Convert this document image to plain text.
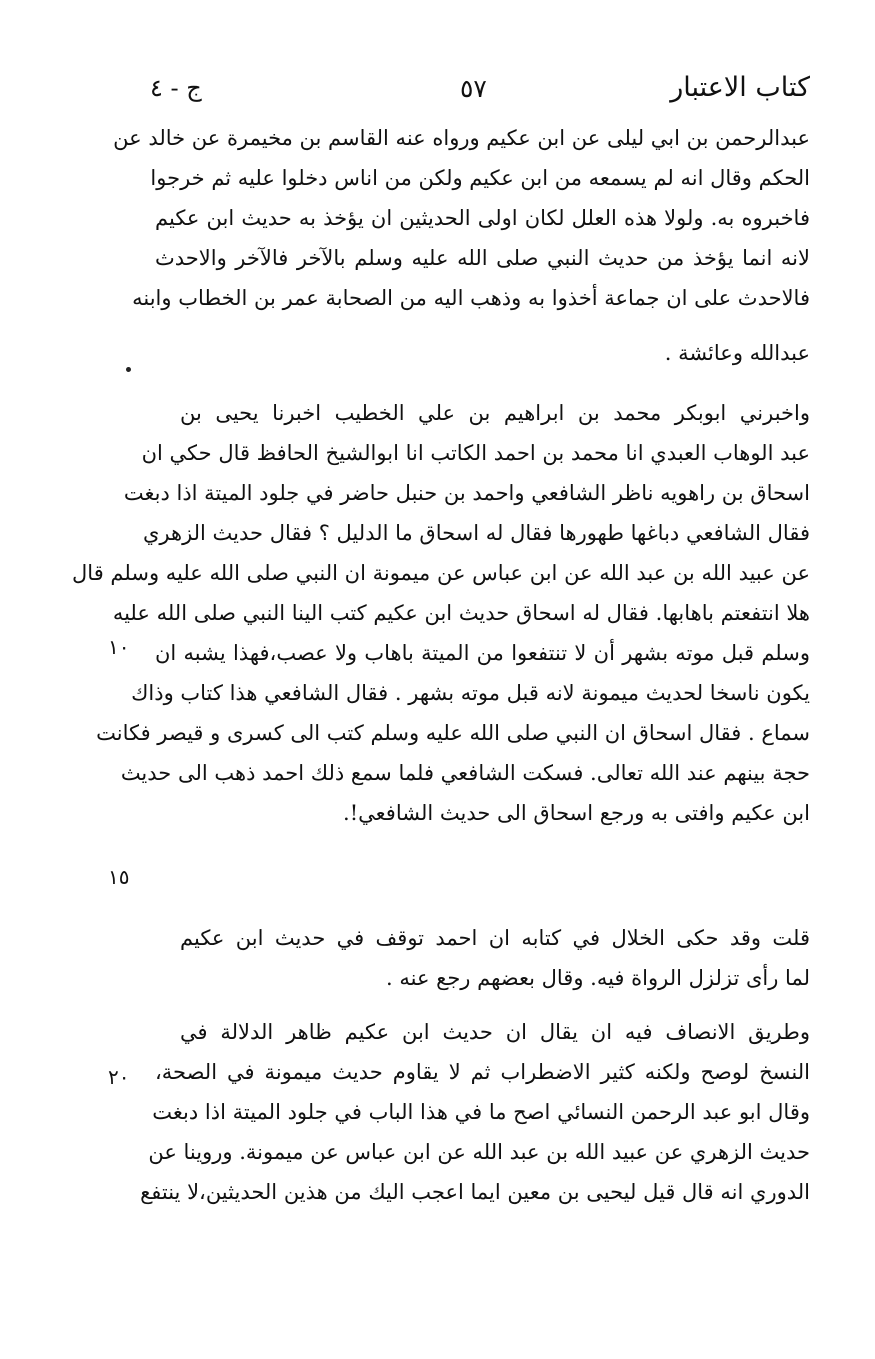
كتاب الاعتبار
٥٧
ج - ٤
عبدالرحمن بن ابي ليلى عن ابن عكيم ورواه عنه القاسم بن مخيمرة عن خالد عن
الحكم وقال انه لم يسمعه من ابن عكيم ولكن من اناس دخلوا عليه ثم خرجوا
فاخبروه به. ولولا هذه العلل لكان اولى الحديثين ان يؤخذ به حديث ابن عكيم
لانه انما يؤخذ من حديث النبي صلى الله عليه وسلم بالآخر فالآخر والاحدث
فالاحدث على ان جماعة أخذوا به وذهب اليه من الصحابة عمر بن الخطاب وابنه
عبدالله وعائشة .
واخبرني ابوبكر محمد بن ابراهيم بن علي الخطيب اخبرنا يحيى بن
عبد الوهاب العبدي انا محمد بن احمد الكاتب انا ابوالشيخ الحافظ قال حكي ان
اسحاق بن راهويه ناظر الشافعي واحمد بن حنبل حاضر في جلود الميتة اذا دبغت
فقال الشافعي دباغها طهورها فقال له اسحاق ما الدليل ؟ فقال حديث الزهري
عن عبيد الله بن عبد الله عن ابن عباس عن ميمونة ان النبي صلى الله عليه وسلم قال
هلا انتفعتم باهابها. فقال له اسحاق حديث ابن عكيم كتب الينا النبي صلى الله عليه
وسلم قبل موته بشهر أن لا تنتفعوا من الميتة باهاب ولا عصب،فهذا يشبه ان
يكون ناسخا لحديث ميمونة لانه قبل موته بشهر . فقال الشافعي هذا كتاب وذاك
سماع . فقال اسحاق ان النبي صلى الله عليه وسلم كتب الى كسرى و قيصر فكانت
حجة بينهم عند الله تعالى. فسكت الشافعي فلما سمع ذلك احمد ذهب الى حديث
ابن عكيم وافتى به ورجع اسحاق الى حديث الشافعي!.
١٠
١٥
قلت وقد حكى الخلال في كتابه ان احمد توقف في حديث ابن عكيم
لما رأى تزلزل الرواة فيه. وقال بعضهم رجع عنه .
وطريق الانصاف فيه ان يقال ان حديث ابن عكيم ظاهر الدلالة في
النسخ لوصح ولكنه كثير الاضطراب ثم لا يقاوم حديث ميمونة في الصحة،
وقال ابو عبد الرحمن النسائي اصح ما في هذا الباب في جلود الميتة اذا دبغت
حديث الزهري عن عبيد الله بن عبد الله عن ابن عباس عن ميمونة. وروينا عن
الدوري انه قال قيل ليحيى بن معين ايما اعجب اليك من هذين الحديثين،لا ينتفع
٢٠
